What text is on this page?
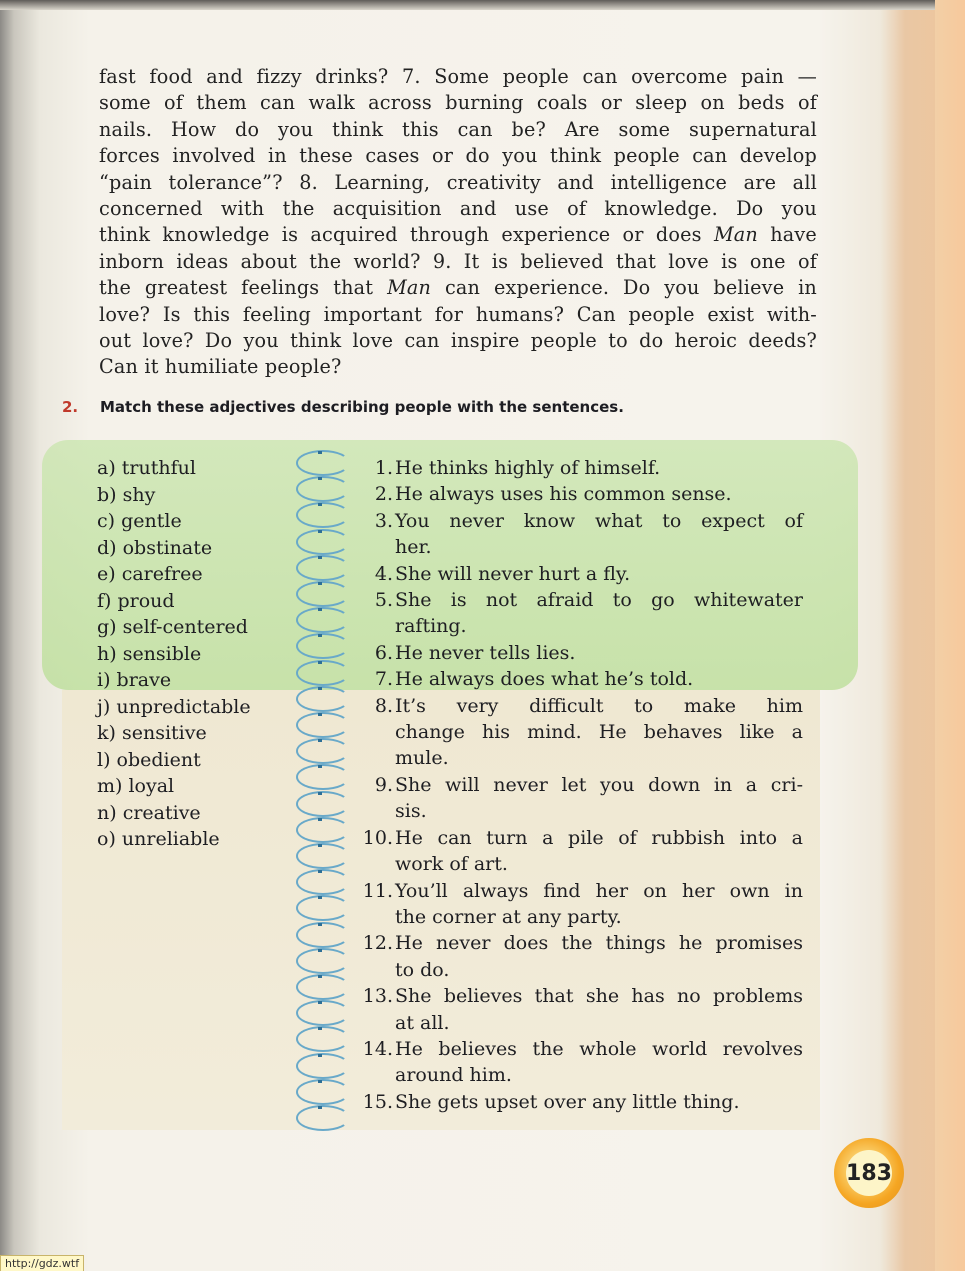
fast food and fizzy drinks? 7. Some people can overcome pain —
some of them can walk across burning coals or sleep on beds of
nails. How do you think this can be? Are some supernatural
forces involved in these cases or do you think people can develop
“pain tolerance”? 8. Learning, creativity and intelligence are all
concerned with the acquisition and use of knowledge. Do you
think knowledge is acquired through experience or does Man have
inborn ideas about the world? 9. It is believed that love is one of
the greatest feelings that Man can experience. Do you believe in
love? Is this feeling important for humans? Can people exist with-
out love? Do you think love can inspire people to do heroic deeds?
Can it humiliate people?
2. Match these adjectives describing people with the sentences.
a) truthful
b) shy
c) gentle
d) obstinate
e) carefree
f) proud
g) self-centered
h) sensible
i) brave
j) unpredictable
k) sensitive
l) obedient
m) loyal
n) creative
o) unreliable
1. He thinks highly of himself.
2. He always uses his common sense.
3. You never know what to expect of
her.
4. She will never hurt a fly.
5. She is not afraid to go whitewater
rafting.
6. He never tells lies.
7. He always does what he’s told.
8. It’s very difficult to make him
change his mind. He behaves like a
mule.
9. She will never let you down in a cri-
sis.
10. He can turn a pile of rubbish into a
work of art.
11. You’ll always find her on her own in
the corner at any party.
12. He never does the things he promises
to do.
13. She believes that she has no problems
at all.
14. He believes the whole world revolves
around him.
15. She gets upset over any little thing.
183
http://gdz.wtf
